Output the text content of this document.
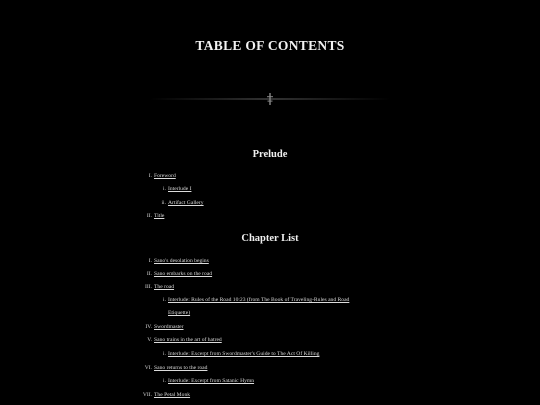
TABLE OF CONTENTS
Prelude
I. Foreword
i. Interlude I
ii. Artifact Gallery
II. Title
Chapter List
I. Sano's desolation begins
II. Sano embarks on the road
III. The road
i. Interlude: Rules of the Road 10:23 (from The Book of Traveling-Rules and Road
Etiquette)
IV. Swordmaster
V. Sano trains in the art of hatred
i. Interlude: Excerpt from Swordmaster's Guide to The Act Of Killing
VI. Sano returns to the road
i. Interlude: Excerpt from Satanic Hymn
VII. The Petal Monk
